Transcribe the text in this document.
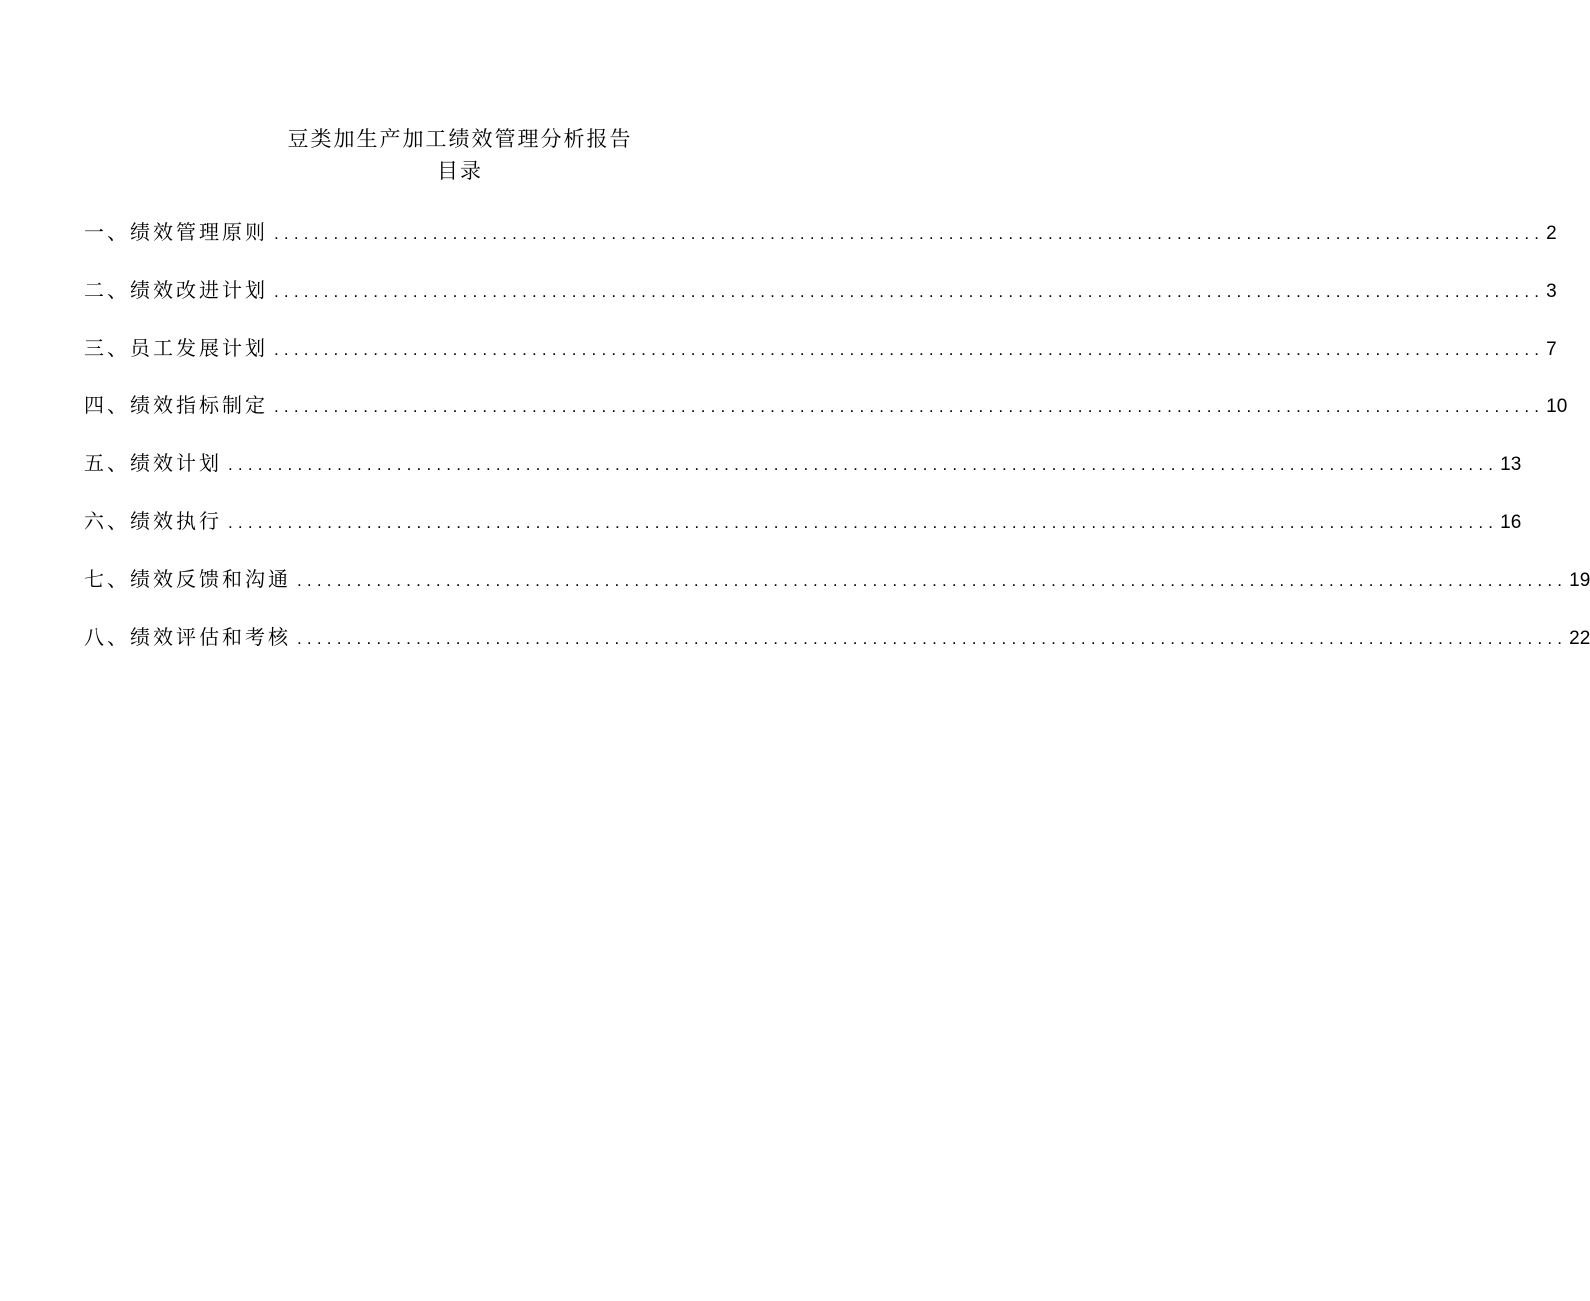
豆类加生产加工绩效管理分析报告
目录
一、 绩效管理原则 ................................................................................................................................ 2
二、 绩效改进计划 ................................................................................................................................ 3
三、 员工发展计划 ................................................................................................................................ 7
四、 绩效指标制定 ................................................................................................................................ 10
五、 绩效计划 ................................................................................................................................ 13
六、 绩效执行 ................................................................................................................................ 16
七、 绩效反馈和沟通 ................................................................................................................................ 19
八、 绩效评估和考核 ................................................................................................................................ 22
